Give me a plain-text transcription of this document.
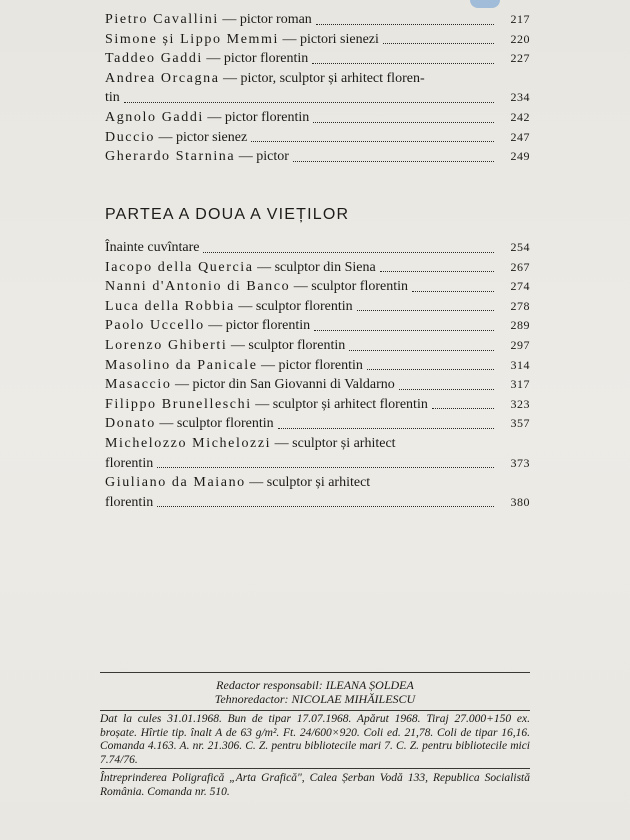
Pietro Cavallini — pictor roman	217
Simone și Lippo Memmi — pictori sienezi	220
Taddeo Gaddi — pictor florentin	227
Andrea Orcagna — pictor, sculptor și arhitect floren-
tin	234
Agnolo Gaddi — pictor florentin	242
Duccio — pictor sienez	247
Gherardo Starnina — pictor	249
PARTEA A DOUA A VIEȚILOR
Înainte cuvîntare	254
Iacopo della Quercia — sculptor din Siena	267
Nanni d'Antonio di Banco — sculptor florentin	274
Luca della Robbia — sculptor florentin	278
Paolo Uccello — pictor florentin	289
Lorenzo Ghiberti — sculptor florentin	297
Masolino da Panicale — pictor florentin	314
Masaccio — pictor din San Giovanni di Valdarno	317
Filippo Brunelleschi — sculptor și arhitect florentin	323
Donato — sculptor florentin	357
Michelozzo Michelozzi — sculptor și arhitect
florentin	373
Giuliano da Maiano — sculptor și arhitect
florentin	380
Redactor responsabil: ILEANA ȘOLDEA
Tehnoredactor: NICOLAE MIHĂILESCU
Dat la cules 31.01.1968. Bun de tipar 17.07.1968. Apărut 1968. Tiraj 27.000+150 ex. broșate. Hîrtie tip. înalt A de 63 g/m². Ft. 24/600×920. Coli ed. 21,78. Coli de tipar 16,16. Comanda 4.163. A. nr. 21.306. C. Z. pentru bibliotecile mari 7. C. Z. pentru bibliotecile mici 7.74/76.
Întreprinderea Poligrafică „Arta Grafică", Calea Șerban Vodă 133, Republica Socialistă România. Comanda nr. 510.
